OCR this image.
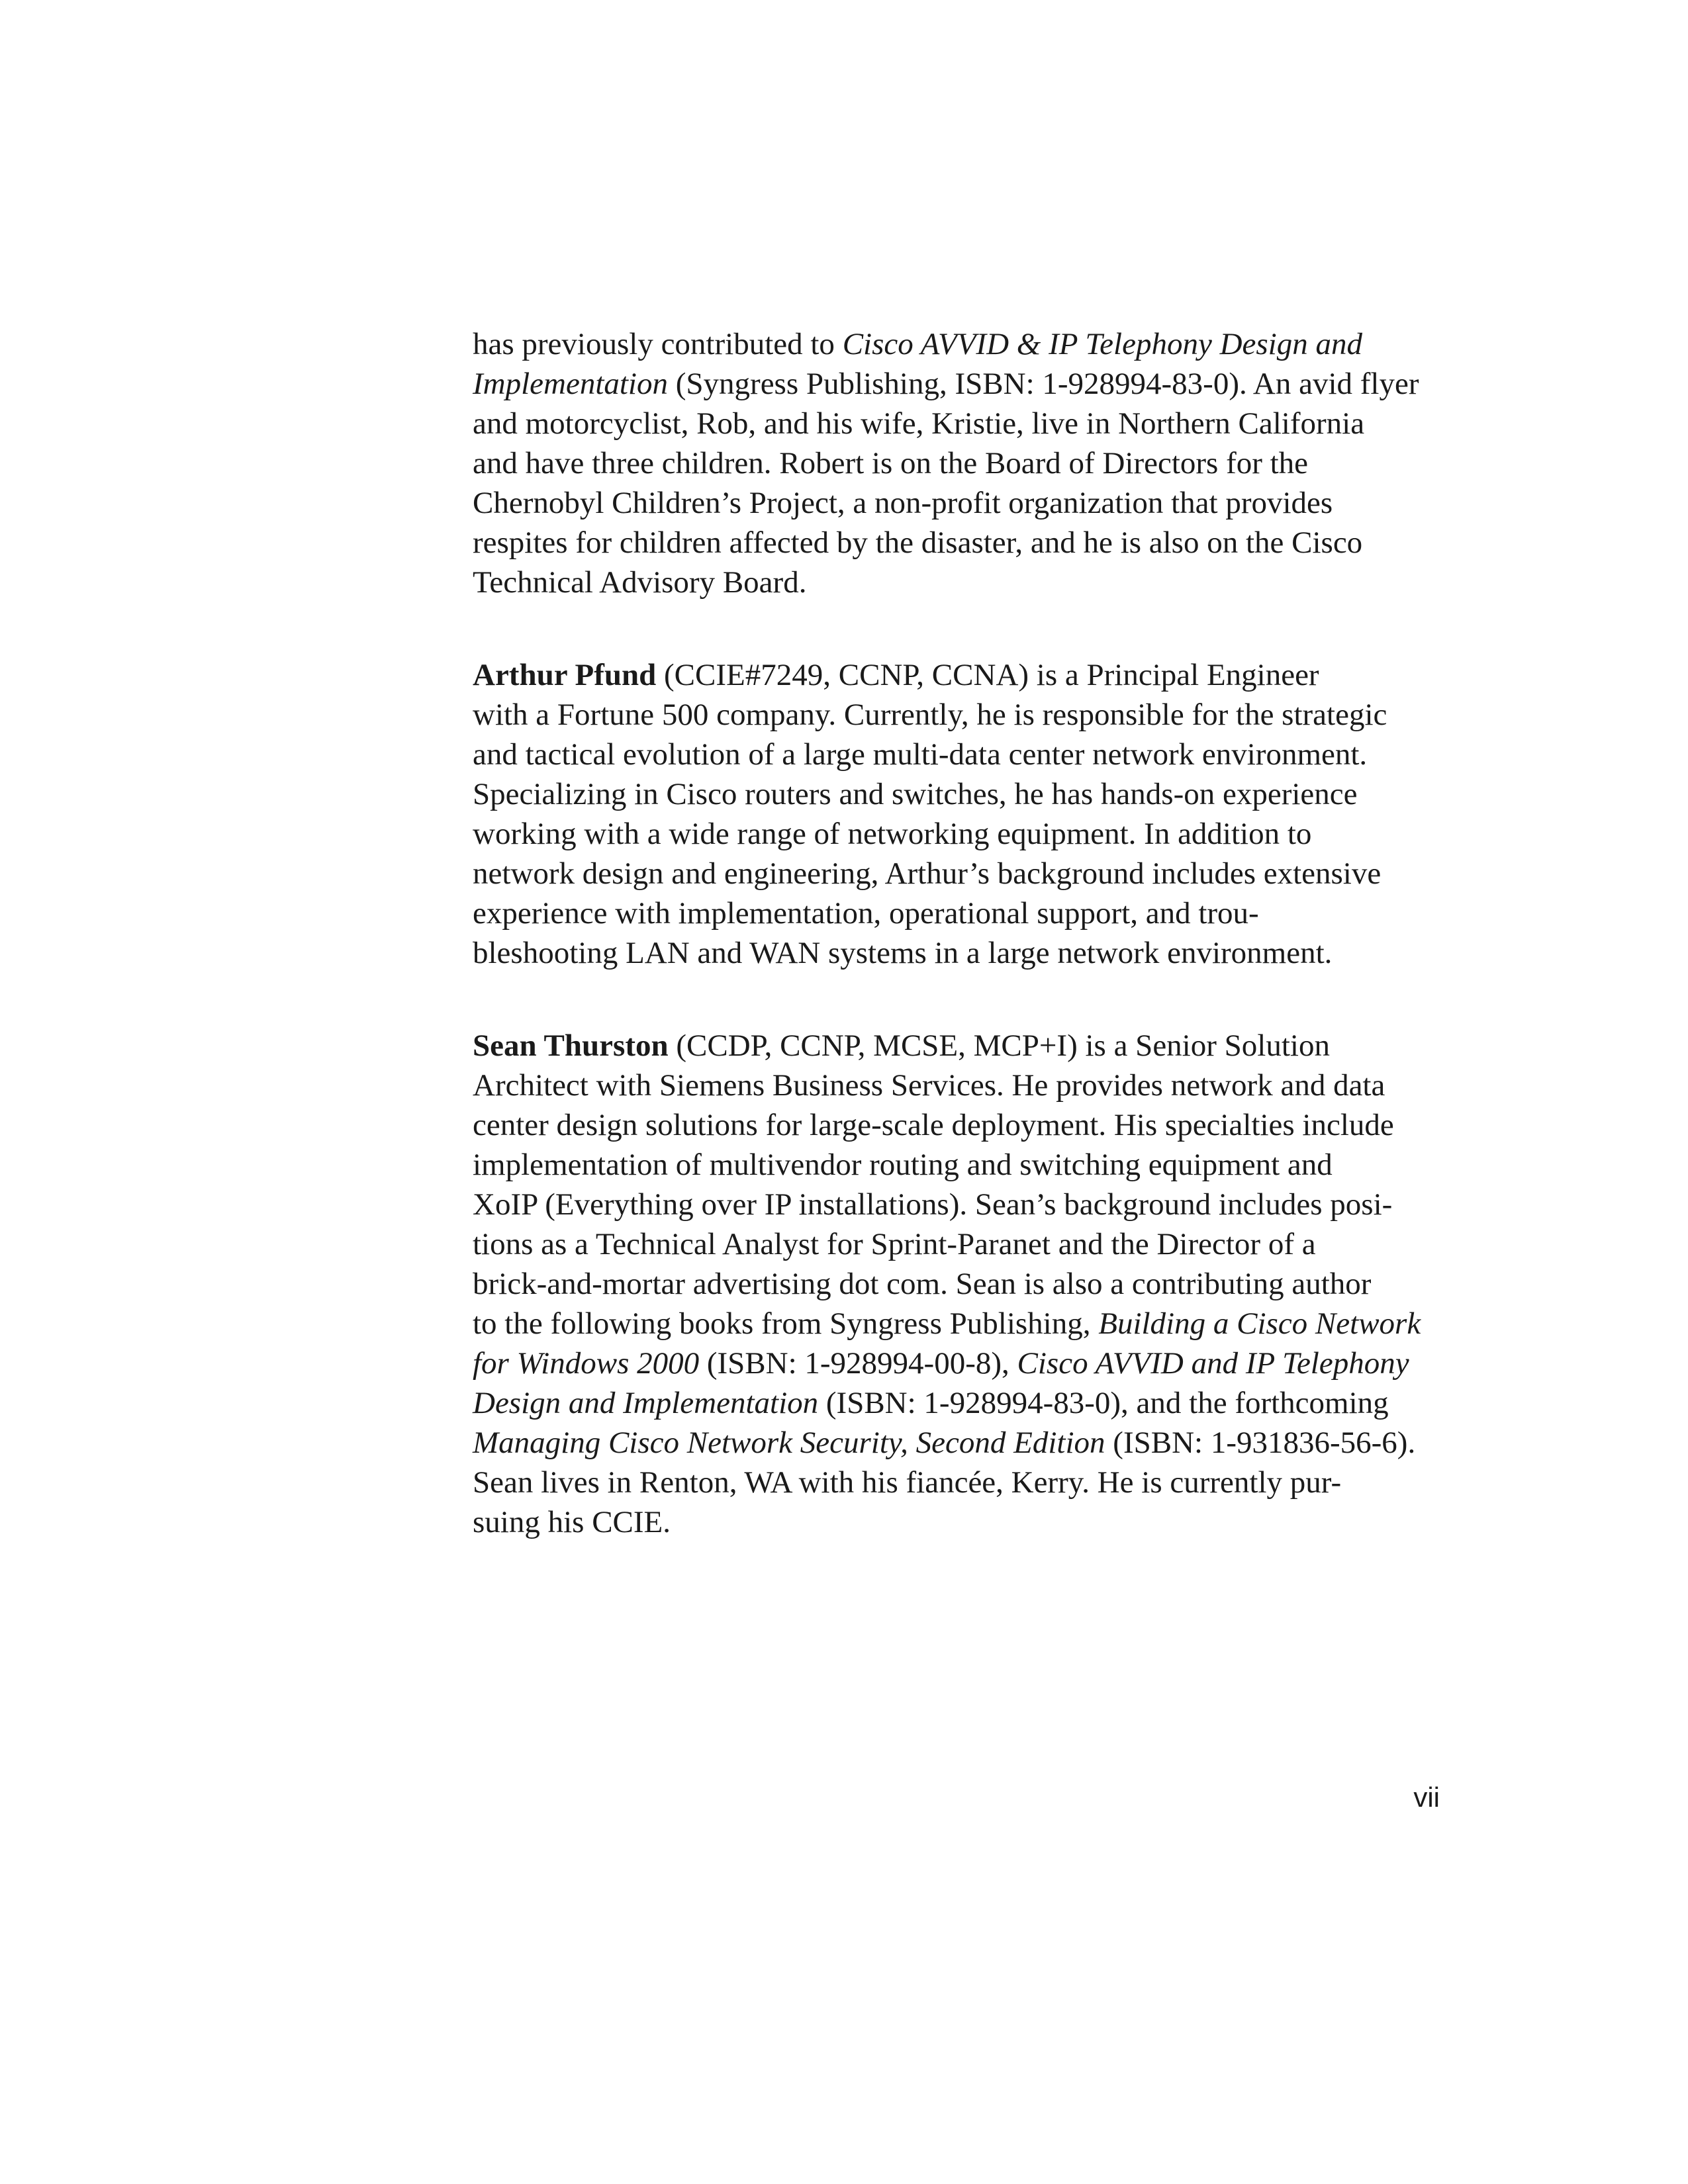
has previously contributed to Cisco AVVID & IP Telephony Design and
Implementation (Syngress Publishing, ISBN: 1-928994-83-0). An avid flyer
and motorcyclist, Rob, and his wife, Kristie, live in Northern California
and have three children. Robert is on the Board of Directors for the
Chernobyl Children’s Project, a non-profit organization that provides
respites for children affected by the disaster, and he is also on the Cisco
Technical Advisory Board.

Arthur Pfund (CCIE#7249, CCNP, CCNA) is a Principal Engineer
with a Fortune 500 company. Currently, he is responsible for the strategic
and tactical evolution of a large multi-data center network environment.
Specializing in Cisco routers and switches, he has hands-on experience
working with a wide range of networking equipment. In addition to
network design and engineering, Arthur’s background includes extensive
experience with implementation, operational support, and trou-
bleshooting LAN and WAN systems in a large network environment.

Sean Thurston (CCDP, CCNP, MCSE, MCP+I) is a Senior Solution
Architect with Siemens Business Services. He provides network and data
center design solutions for large-scale deployment. His specialties include
implementation of multivendor routing and switching equipment and
XoIP (Everything over IP installations). Sean’s background includes posi-
tions as a Technical Analyst for Sprint-Paranet and the Director of a
brick-and-mortar advertising dot com. Sean is also a contributing author
to the following books from Syngress Publishing, Building a Cisco Network
for Windows 2000 (ISBN: 1-928994-00-8), Cisco AVVID and IP Telephony
Design and Implementation (ISBN: 1-928994-83-0), and the forthcoming
Managing Cisco Network Security, Second Edition (ISBN: 1-931836-56-6).
Sean lives in Renton, WA with his fiancée, Kerry. He is currently pur-
suing his CCIE.

vii
